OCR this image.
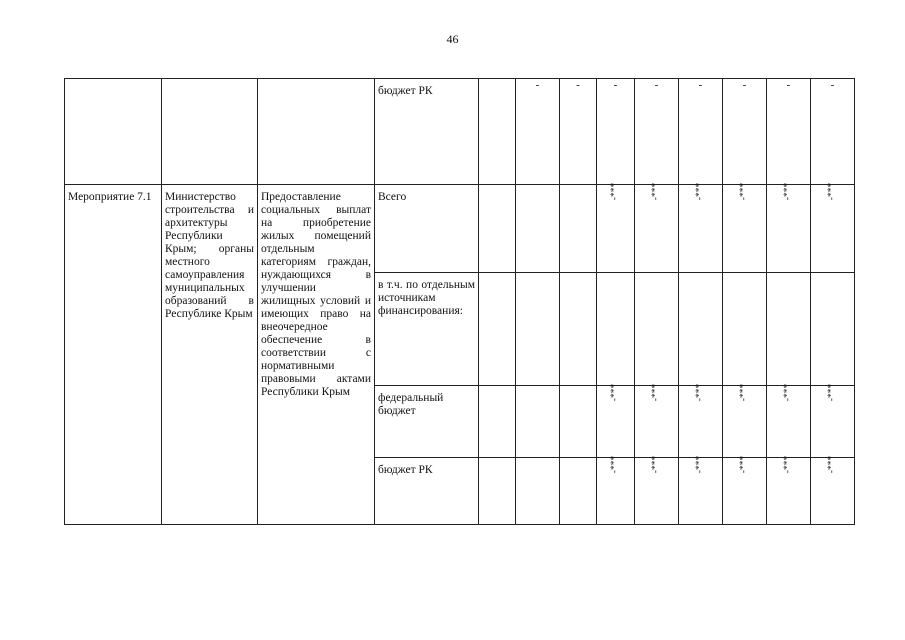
46

			бюджет РК		-	-	-	-	-	-	-	-

Мероприятие 7.1	Министерство строительства и архитектуры Республики Крым; органы местного самоуправления муниципальных образований в Республике Крым	Предоставление социальных выплат на приобретение жилых помещений отдельным категориям граждан, нуждающихся в улучшении жилищных условий и имеющих право на внеочередное обеспечение в соответствии с нормативными правовыми актами Республики Крым	Всего				-***	-***	-***	-***	-***	-***

			в т.ч. по отдельным источникам финансирования:									

			федеральный бюджет				-***	-***	-***	-***	-***	-***

			бюджет РК				-***	-***	-***	-***	-***	-***
